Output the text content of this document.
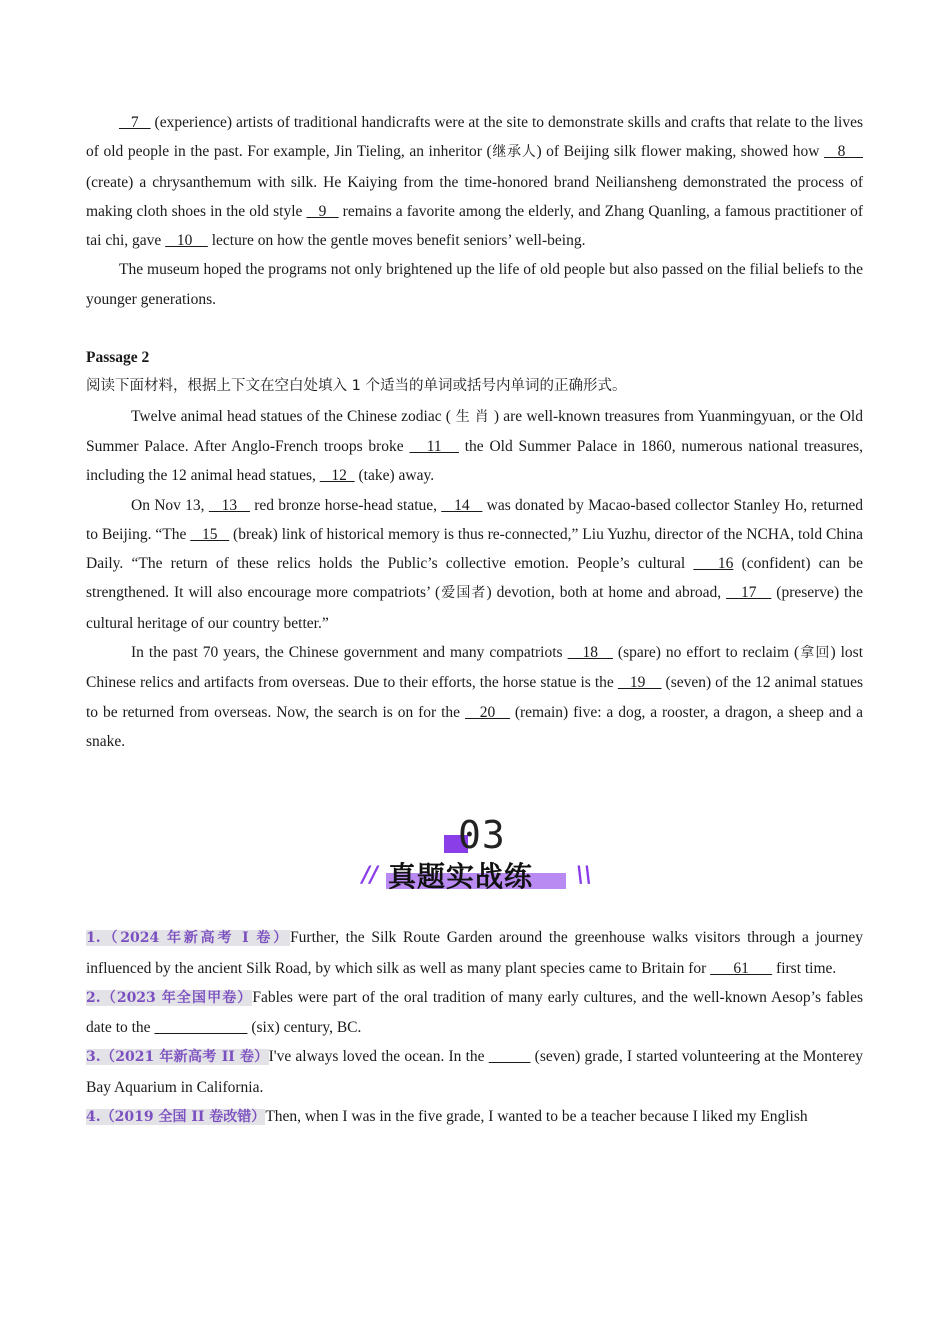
7    (experience) artists of traditional handicrafts were at the site to demonstrate skills and crafts that relate to the lives of old people in the past. For example, Jin Tieling, an inheritor (继承人) of Beijing silk flower making, showed how    8     (create) a chrysanthemum with silk. He Kaiying from the time-honored brand Neiliansheng demonstrated the process of making cloth shoes in the old style    9    remains a favorite among the elderly, and Zhang Quanling, a famous practitioner of tai chi, gave    10     lecture on how the gentle moves benefit seniors’ well-being.

The museum hoped the programs not only brightened up the life of old people but also passed on the filial beliefs to the younger generations.

Passage 2
阅读下面材料，根据上下文在空白处填入 1 个适当的单词或括号内单词的正确形式。

Twelve animal head statues of the Chinese zodiac ( 生 肖 ) are well-known treasures from Yuanmingyuan, or the Old Summer Palace. After Anglo-French troops broke    11    the Old Summer Palace in 1860, numerous national treasures, including the 12 animal head statues,    12   (take) away.

On Nov 13,    13    red bronze horse-head statue,    14    was donated by Macao-based collector Stanley Ho, returned to Beijing. “The    15    (break) link of historical memory is thus re-connected,” Liu Yuzhu, director of the NCHA, told China Daily. “The return of these relics holds the Public’s collective emotion. People’s cultural    16 (confident) can be strengthened. It will also encourage more compatriots’ (爱国者) devotion, both at home and abroad,    17    (preserve) the cultural heritage of our country better.”

In the past 70 years, the Chinese government and many compatriots    18    (spare) no effort to reclaim (拿回) lost Chinese relics and artifacts from overseas. Due to their efforts, the horse statue is the    19     (seven) of the 12 animal statues to be returned from overseas. Now, the search is on for the    20    (remain) five: a dog, a rooster, a dragon, a sheep and a snake.

03
真题实战练
//	\\

1.（2024 年新高考 I 卷）Further, the Silk Route Garden around the greenhouse walks visitors through a journey influenced by the ancient Silk Road, by which silk as well as many plant species came to Britain for       61       first time.

2.（2023 年全国甲卷）Fables were part of the oral tradition of many early cultures, and the well-known Aesop’s fables date to the	(six) century, BC.

3.（2021 年新高考 II 卷）I've always loved the ocean. In the	(seven) grade, I started volunteering at the Monterey Bay Aquarium in California.

4.（2019 全国 II 卷改错）Then, when I was in the five grade, I wanted to be a teacher because I liked my English
